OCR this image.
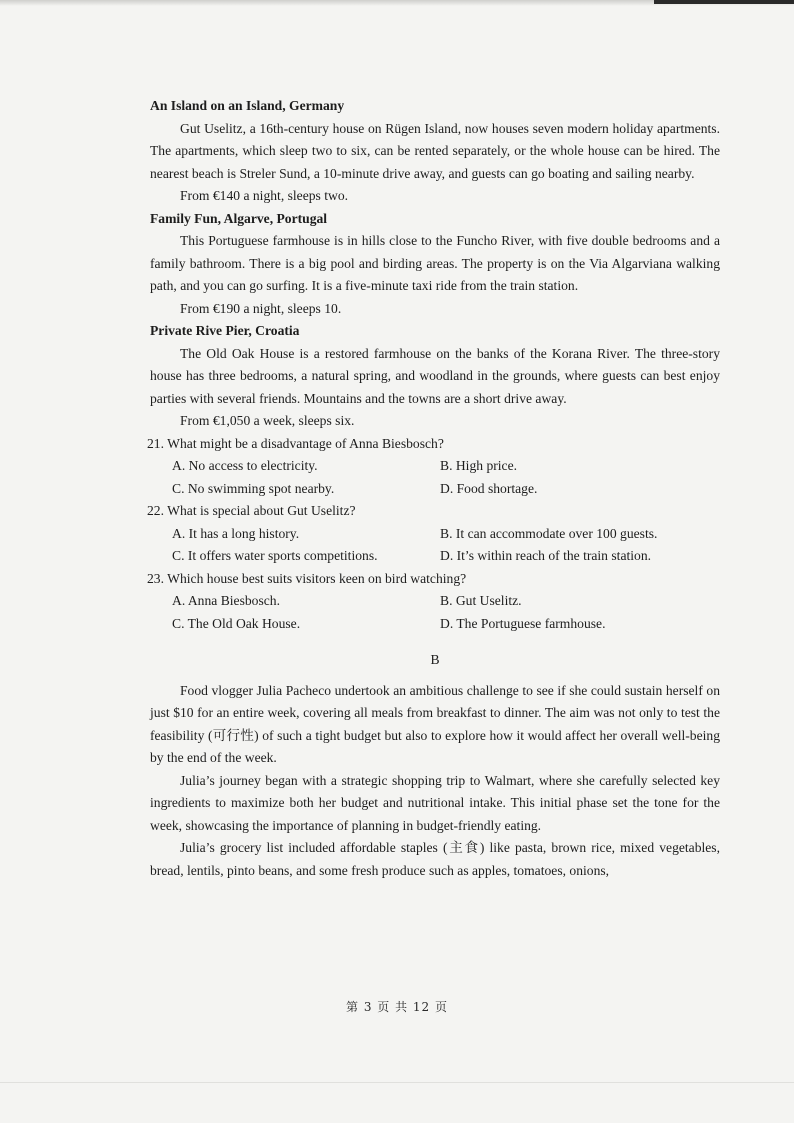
An Island on an Island, Germany

Gut Uselitz, a 16th-century house on Rügen Island, now houses seven modern holiday apartments. The apartments, which sleep two to six, can be rented separately, or the whole house can be hired. The nearest beach is Streler Sund, a 10-minute drive away, and guests can go boating and sailing nearby.

From €140 a night, sleeps two.

Family Fun, Algarve, Portugal

This Portuguese farmhouse is in hills close to the Funcho River, with five double bedrooms and a family bathroom. There is a big pool and birding areas. The property is on the Via Algarviana walking path, and you can go surfing. It is a five-minute taxi ride from the train station.

From €190 a night, sleeps 10.

Private Rive Pier, Croatia

The Old Oak House is a restored farmhouse on the banks of the Korana River. The three-story house has three bedrooms, a natural spring, and woodland in the grounds, where guests can best enjoy parties with several friends. Mountains and the towns are a short drive away.

From €1,050 a week, sleeps six.

21. What might be a disadvantage of Anna Biesbosch?

A. No access to electricity.	B. High price.
C. No swimming spot nearby.	D. Food shortage.

22. What is special about Gut Uselitz?

A. It has a long history.	B. It can accommodate over 100 guests.
C. It offers water sports competitions.	D. It’s within reach of the train station.

23. Which house best suits visitors keen on bird watching?

A. Anna Biesbosch.	B. Gut Uselitz.
C. The Old Oak House.	D. The Portuguese farmhouse.

B

Food vlogger Julia Pacheco undertook an ambitious challenge to see if she could sustain herself on just $10 for an entire week, covering all meals from breakfast to dinner. The aim was not only to test the feasibility (可行性) of such a tight budget but also to explore how it would affect her overall well-being by the end of the week.

Julia’s journey began with a strategic shopping trip to Walmart, where she carefully selected key ingredients to maximize both her budget and nutritional intake. This initial phase set the tone for the week, showcasing the importance of planning in budget-friendly eating.

Julia’s grocery list included affordable staples (主食) like pasta, brown rice, mixed vegetables, bread, lentils, pinto beans, and some fresh produce such as apples, tomatoes, onions,

第 3 页 共 12 页
